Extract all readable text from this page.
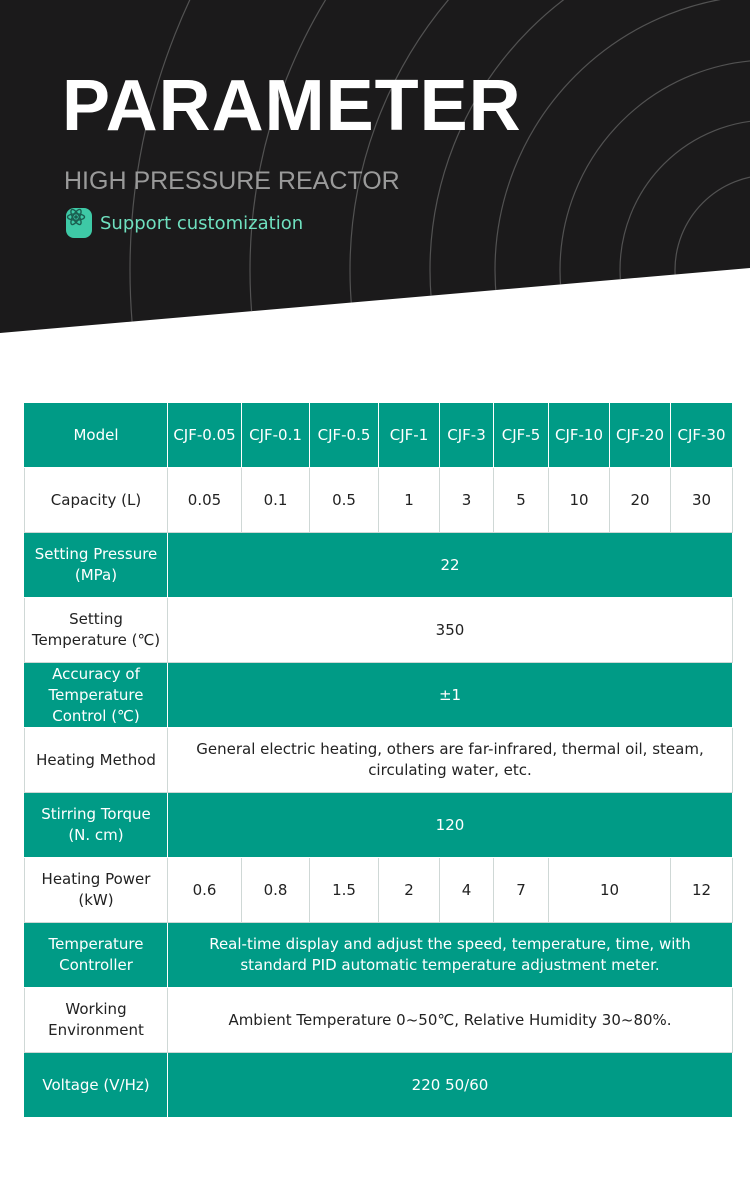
PARAMETER
HIGH PRESSURE REACTOR
Support customization
Model	CJF-0.05	CJF-0.1	CJF-0.5	CJF-1	CJF-3	CJF-5	CJF-10	CJF-20	CJF-30
Capacity (L)	0.05	0.1	0.5	1	3	5	10	20	30
Setting Pressure (MPa)	22								
Setting Temperature (℃)	350								
Accuracy of Temperature Control (℃)	±1								
Heating Method	General electric heating, others are far-infrared, thermal oil, steam, circulating water, etc.								
Stirring Torque (N. cm)	120								
Heating Power (kW)	0.6	0.8	1.5	2	4	7	10		12
Temperature Controller	Real-time display and adjust the speed, temperature, time, with standard PID automatic temperature adjustment meter.								
Working Environment	Ambient Temperature 0~50℃, Relative Humidity 30~80%.								
Voltage (V/Hz)	220 50/60								
